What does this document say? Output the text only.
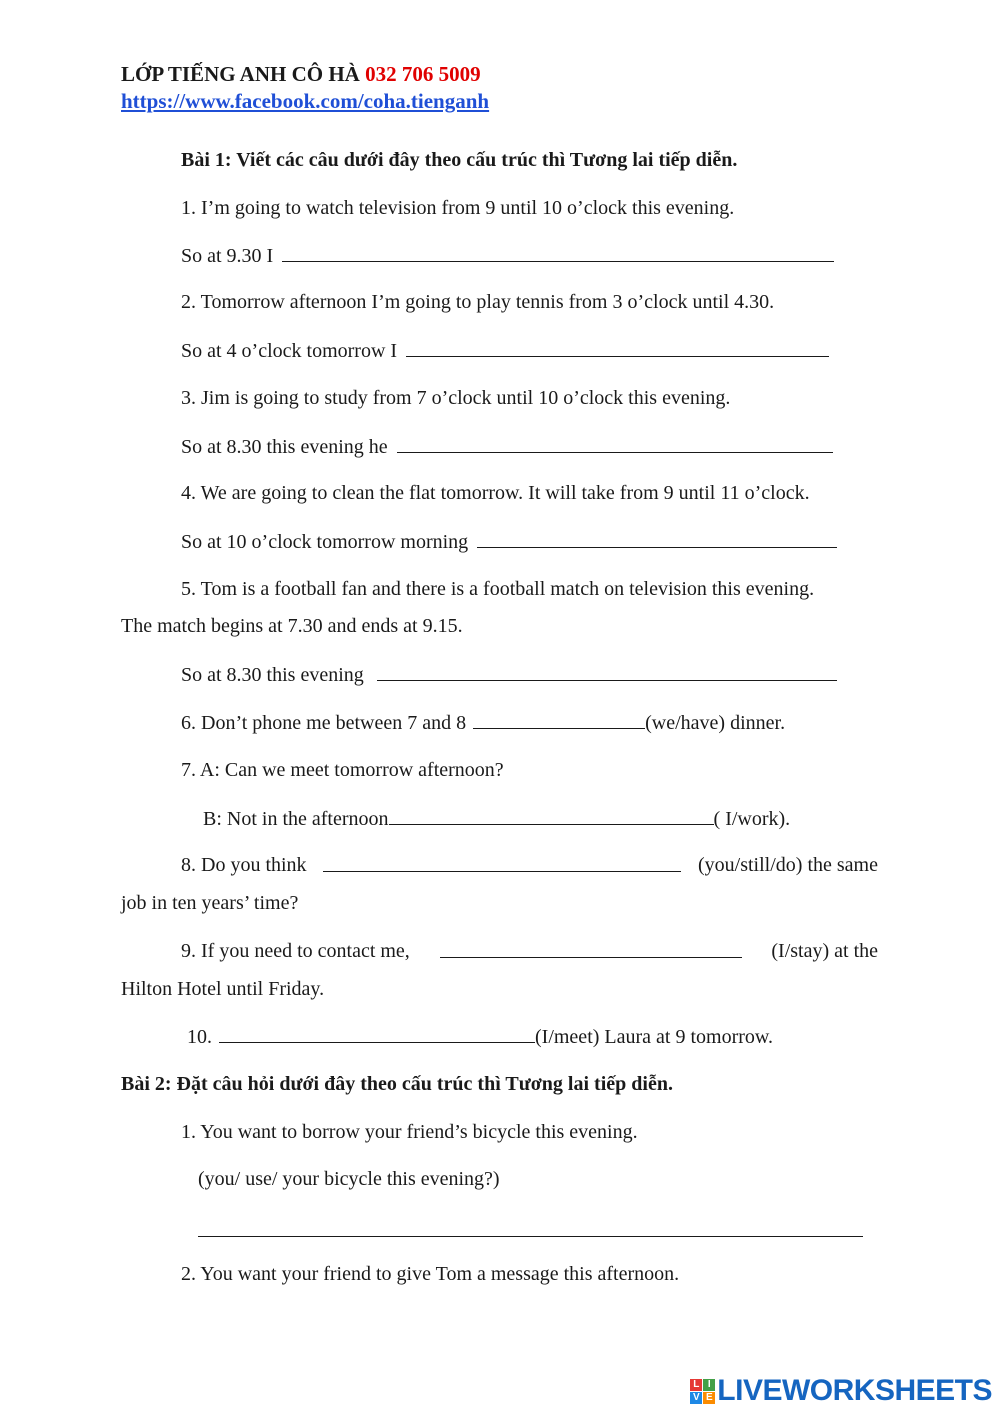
LỚP TIẾNG ANH CÔ HÀ 032 706 5009
https://www.facebook.com/coha.tienganh
Bài 1: Viết các câu dưới đây theo cấu trúc thì Tương lai tiếp diễn.
1. I’m going to watch television from 9 until 10 o’clock this evening.
So at 9.30 I
2. Tomorrow afternoon I’m going to play tennis from 3 o’clock until 4.30.
So at 4 o’clock tomorrow I
3. Jim is going to study from 7 o’clock until 10 o’clock this evening.
So at 8.30 this evening he
4. We are going to clean the flat tomorrow. It will take from 9 until 11 o’clock.
So at 10 o’clock tomorrow morning
5. Tom is a football fan and there is a football match on television this evening.
The match begins at 7.30 and ends at 9.15.
So at 8.30 this evening
6. Don’t phone me between 7 and 8	(we/have) dinner.
7. A: Can we meet tomorrow afternoon?
B: Not in the afternoon	( I/work).
8. Do you think	(you/still/do) the same
job in ten years’ time?
9. If you need to contact me,	(I/stay) at the
Hilton Hotel until Friday.
10.	(I/meet) Laura at 9 tomorrow.
Bài 2: Đặt câu hỏi dưới đây theo cấu trúc thì Tương lai tiếp diễn.
1. You want to borrow your friend’s bicycle this evening.
(you/ use/ your bicycle this evening?)
2. You want your friend to give Tom a message this afternoon.
L I
V E LIVEWORKSHEETS
